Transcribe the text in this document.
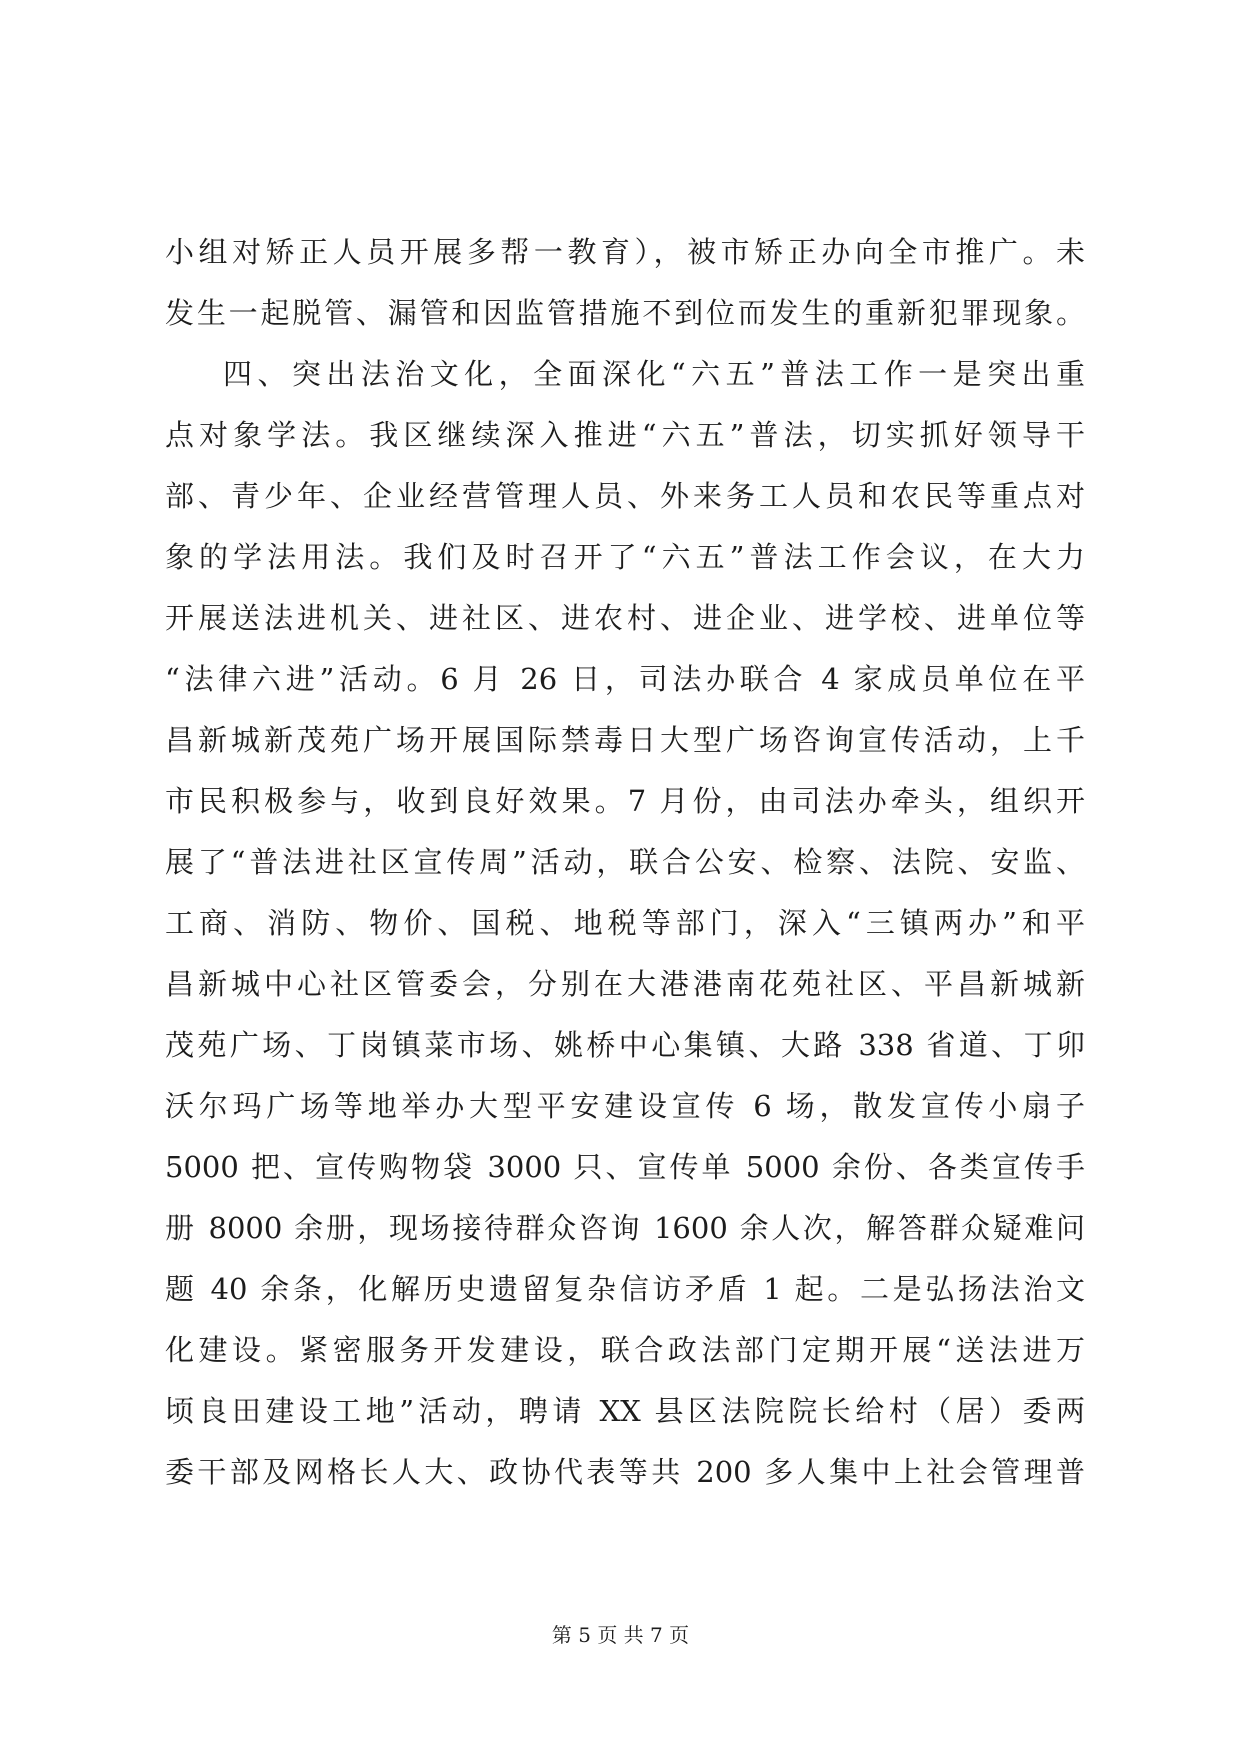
小组对矫正人员开展多帮一教育），被市矫正办向全市推广。未
发生一起脱管、漏管和因监管措施不到位而发生的重新犯罪现象。
四、突出法治文化，全面深化“六五”普法工作一是突出重
点对象学法。我区继续深入推进“六五”普法，切实抓好领导干
部、青少年、企业经营管理人员、外来务工人员和农民等重点对
象的学法用法。我们及时召开了“六五”普法工作会议，在大力
开展送法进机关、进社区、进农村、进企业、进学校、进单位等
“法律六进”活动。6 月 26 日，司法办联合 4 家成员单位在平
昌新城新茂苑广场开展国际禁毒日大型广场咨询宣传活动，上千
市民积极参与，收到良好效果。7 月份，由司法办牵头，组织开
展了“普法进社区宣传周”活动，联合公安、检察、法院、安监、
工商、消防、物价、国税、地税等部门，深入“三镇两办”和平
昌新城中心社区管委会，分别在大港港南花苑社区、平昌新城新
茂苑广场、丁岗镇菜市场、姚桥中心集镇、大路 338 省道、丁卯
沃尔玛广场等地举办大型平安建设宣传 6 场，散发宣传小扇子
5000 把、宣传购物袋 3000 只、宣传单 5000 余份、各类宣传手
册 8000 余册，现场接待群众咨询 1600 余人次，解答群众疑难问
题 40 余条，化解历史遗留复杂信访矛盾 1 起。二是弘扬法治文
化建设。紧密服务开发建设，联合政法部门定期开展“送法进万
顷良田建设工地”活动，聘请 XX 县区法院院长给村（居）委两
委干部及网格长人大、政协代表等共 200 多人集中上社会管理普
第 5 页 共 7 页
